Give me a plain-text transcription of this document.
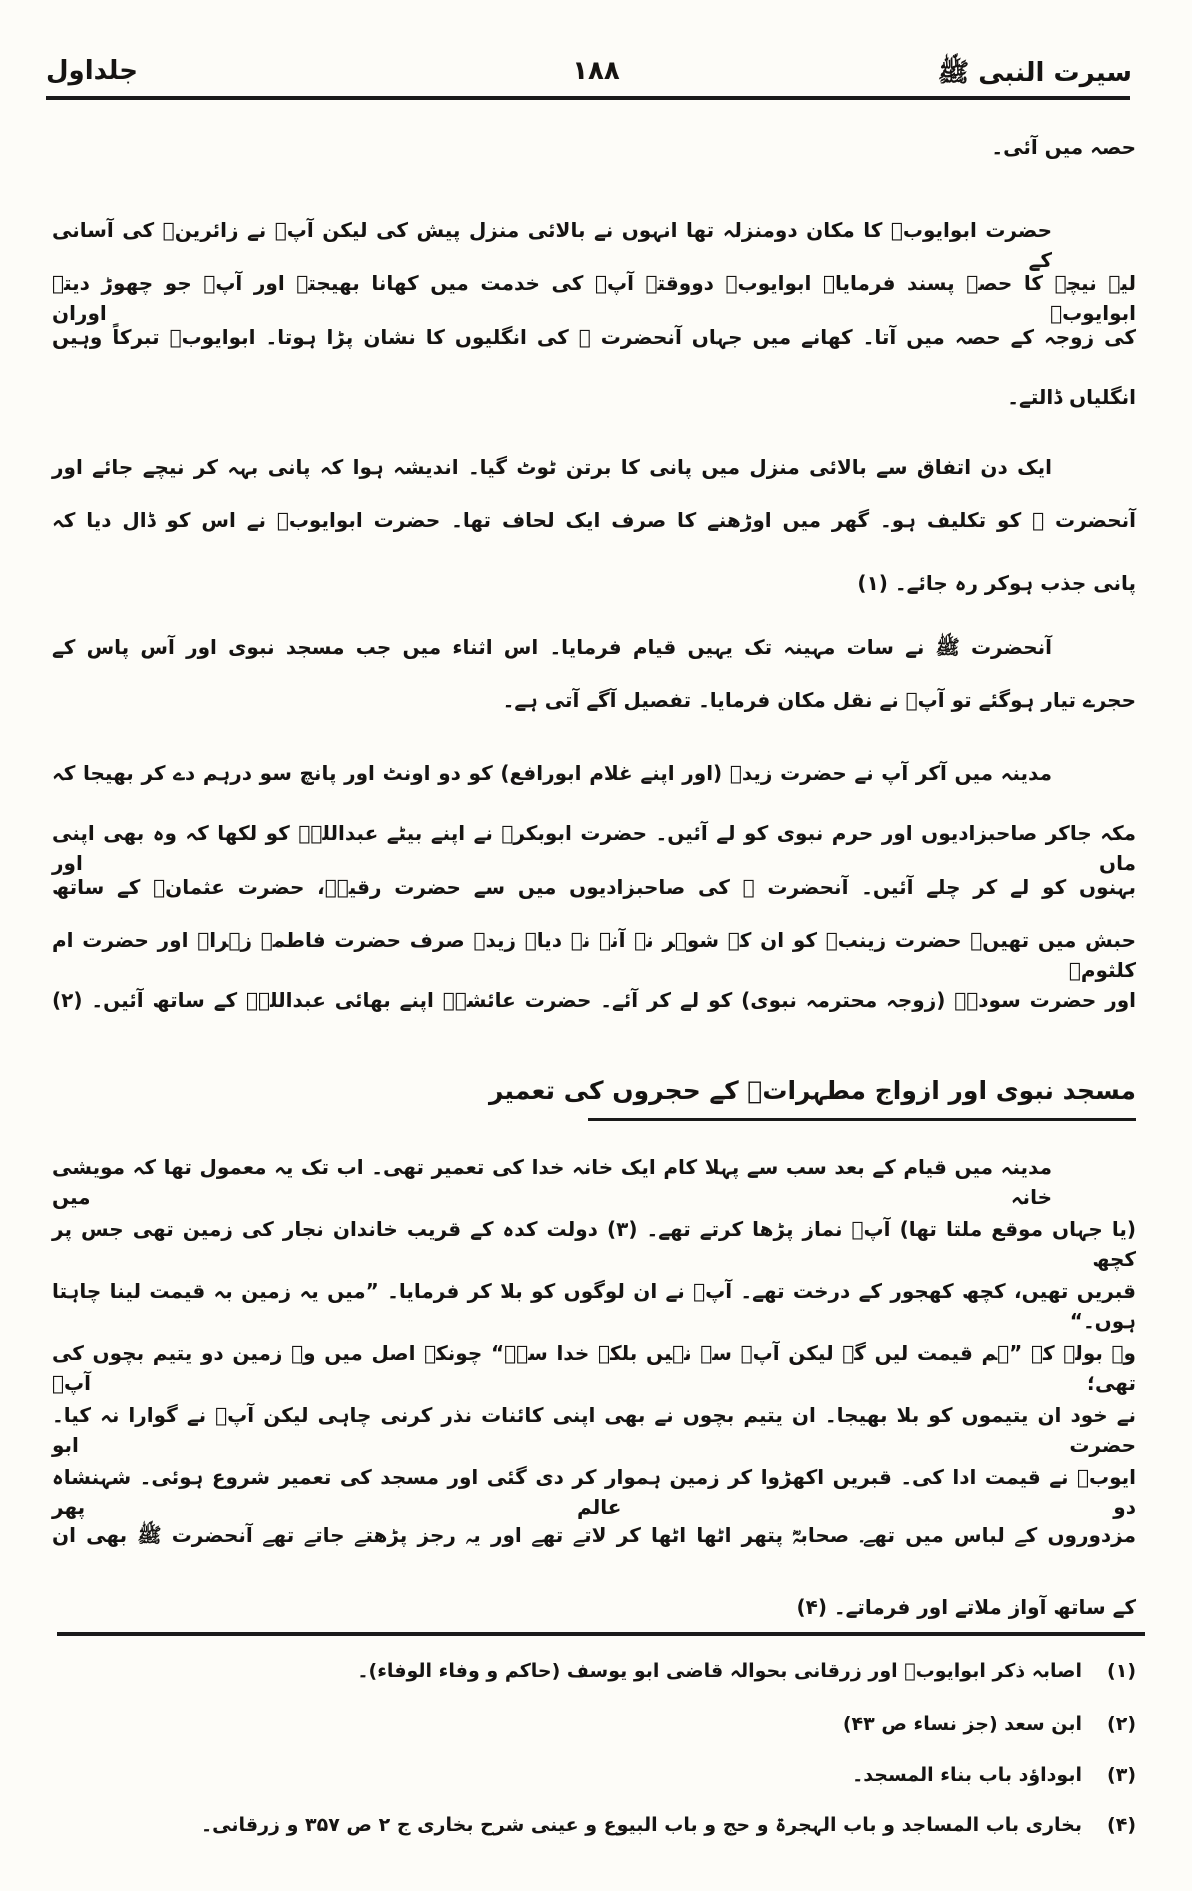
سیرت النبی ﷺ
۱۸۸
جلداول
حصہ میں آئی۔
حضرت ابوایوبؓ کا مکان دومنزلہ تھا انہوں نے بالائی منزل پیش کی لیکن آپؐ نے زائرینؔ کی آسانی کے
لیے نیچے کا حصہ پسند فرمایا۔ ابوایوبؓ دووقتہ آپؐ کی خدمت میں کھانا بھیجتے اور آپؐ جو چھوڑ دیتے ابوایوبؓ اوران
کی زوجہ کے حصہ میں آتا۔ کھانے میں جہاں آنحضرت ﷺ کی انگلیوں کا نشان پڑا ہوتا۔ ابوایوبؓ تبرکاً وہیں
انگلیاں ڈالتے۔
ایک دن اتفاق سے بالائی منزل میں پانی کا برتن ٹوٹ گیا۔ اندیشہ ہوا کہ پانی بہہ کر نیچے جائے اور
آنحضرت ﷺ کو تکلیف ہو۔ گھر میں اوڑھنے کا صرف ایک لحاف تھا۔ حضرت ابوایوبؓ نے اس کو ڈال دیا کہ
پانی جذب ہوکر رہ جائے۔ (۱)
آنحضرت ﷺ نے سات مہینہ تک یہیں قیام فرمایا۔ اس اثناء میں جب مسجد نبوی اور آس پاس کے
حجرے تیار ہوگئے تو آپؐ نے نقل مکان فرمایا۔ تفصیل آگے آتی ہے۔
مدینہ میں آکر آپ نے حضرت زیدؓ (اور اپنے غلام ابورافع) کو دو اونٹ اور پانچ سو درہم دے کر بھیجا کہ
مکہ جاکر صاحبزادیوں اور حرم نبوی کو لے آئیں۔ حضرت ابوبکرؓ نے اپنے بیٹے عبداللہؓ کو لکھا کہ وہ بھی اپنی ماں اور
بہنوں کو لے کر چلے آئیں۔ آنحضرت ﷺ کی صاحبزادیوں میں سے حضرت رقیہؓ، حضرت عثمانؓ کے ساتھ
حبش میں تھیں۔ حضرت زینبؓ کو ان کے شوہر نے آنے نہ دیا۔ زیدؓ صرف حضرت فاطمہ زہراؓ اور حضرت ام کلثومؓ
اور حضرت سودہؓ (زوجہ محترمہ نبوی) کو لے کر آئے۔ حضرت عائشہؓ اپنے بھائی عبداللہؓ کے ساتھ آئیں۔ (۲)
مسجد نبوی اور ازواج مطہراتؓ کے حجروں کی تعمیر
مدینہ میں قیام کے بعد سب سے پہلا کام ایک خانہ خدا کی تعمیر تھی۔ اب تک یہ معمول تھا کہ مویشی خانہ میں
(یا جہاں موقع ملتا تھا) آپؐ نماز پڑھا کرتے تھے۔ (۳) دولت کدہ کے قریب خاندان نجار کی زمین تھی جس پر کچھ
قبریں تھیں، کچھ کھجور کے درخت تھے۔ آپؐ نے ان لوگوں کو بلا کر فرمایا۔ ”میں یہ زمین بہ قیمت لینا چاہتا ہوں۔“
وہ بولے کہ ”ہم قیمت لیں گے لیکن آپؐ سے نہیں بلکہ خدا سے۔“ چونکہ اصل میں وہ زمین دو یتیم بچوں کی تھی؛ آپؐ
نے خود ان یتیموں کو بلا بھیجا۔ ان یتیم بچوں نے بھی اپنی کائنات نذر کرنی چاہی لیکن آپؐ نے گوارا نہ کیا۔ حضرت ابو
ایوبؓ نے قیمت ادا کی۔ قبریں اکھڑوا کر زمین ہموار کر دی گئی اور مسجد کی تعمیر شروع ہوئی۔ شہنشاہ دو عالم پھر
مزدوروں کے لباس میں تھے۔ صحابہؓ پتھر اٹھا اٹھا کر لاتے تھے اور یہ رجز پڑھتے جاتے تھے آنحضرت ﷺ بھی ان
کے ساتھ آواز ملاتے اور فرماتے۔ (۴)
(۱)اصابہ ذکر ابوایوبؓ اور زرقانی بحوالہ قاضی ابو یوسف (حاکم و وفاء الوفاء)۔
(۲)ابن سعد (جز نساء ص ۴۳)
(۳)ابوداؤد باب بناء المسجد۔
(۴)بخاری باب المساجد و باب الہجرۃ و حج و باب البیوع و عینی شرح بخاری ج ۲ ص ۳۵۷ و زرقانی۔
